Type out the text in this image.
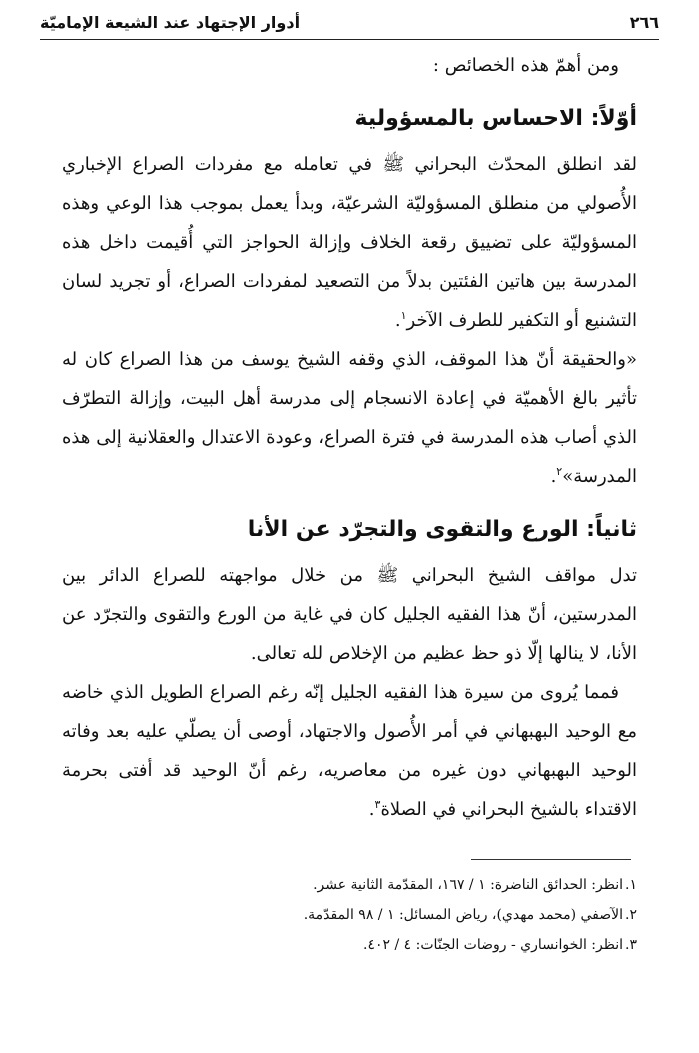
٢٦٦
أدوار الإجتهاد عند الشيعة الإماميّة

ومن أهمّ هذه الخصائص :

أوّلاً: الاحساس بالمسؤولية

لقد انطلق المحدّث البحراني ﷺ في تعامله مع مفردات الصراع الإخباري الأُصولي من منطلق المسؤوليّة الشرعيّة، وبدأ يعمل بموجب هذا الوعي وهذه المسؤوليّة على تضييق رقعة الخلاف وإزالة الحواجز التي أُقيمت داخل هذه المدرسة بين هاتين الفئتين بدلاً من التصعيد لمفردات الصراع، أو تجريد لسان التشنيع أو التكفير للطرف الآخر$^١$.

«والحقيقة أنّ هذا الموقف، الذي وقفه الشيخ يوسف من هذا الصراع كان له تأثير بالغ الأهميّة في إعادة الانسجام إلى مدرسة أهل البيت، وإزالة التطرّف الذي أصاب هذه المدرسة في فترة الصراع، وعودة الاعتدال والعقلانية إلى هذه المدرسة»$^٢$.

ثانياً: الورع والتقوى والتجرّد عن الأنا

تدل مواقف الشيخ البحراني ﷺ من خلال مواجهته للصراع الدائر بين المدرستين، أنّ هذا الفقيه الجليل كان في غاية من الورع والتقوى والتجرّد عن الأنا، لا ينالها إلّا ذو حظ عظيم من الإخلاص لله تعالى.

فمما يُروى من سيرة هذا الفقيه الجليل إنّه رغم الصراع الطويل الذي خاضه مع الوحيد البهبهاني في أمر الأُصول والاجتهاد، أوصى أن يصلّي عليه بعد وفاته الوحيد البهبهاني دون غيره من معاصريه، رغم أنّ الوحيد قد أفتى بحرمة الاقتداء بالشيخ البحراني في الصلاة$^٣$.

١.انظر: الحدائق الناضرة: ١ / ١٦٧، المقدّمة الثانية عشر.
٢.الآصفي (محمد مهدي)، رياض المسائل: ١ / ٩٨ المقدّمة.
٣.انظر: الخوانساري - روضات الجنّات: ٤ / ٤٠٢.
